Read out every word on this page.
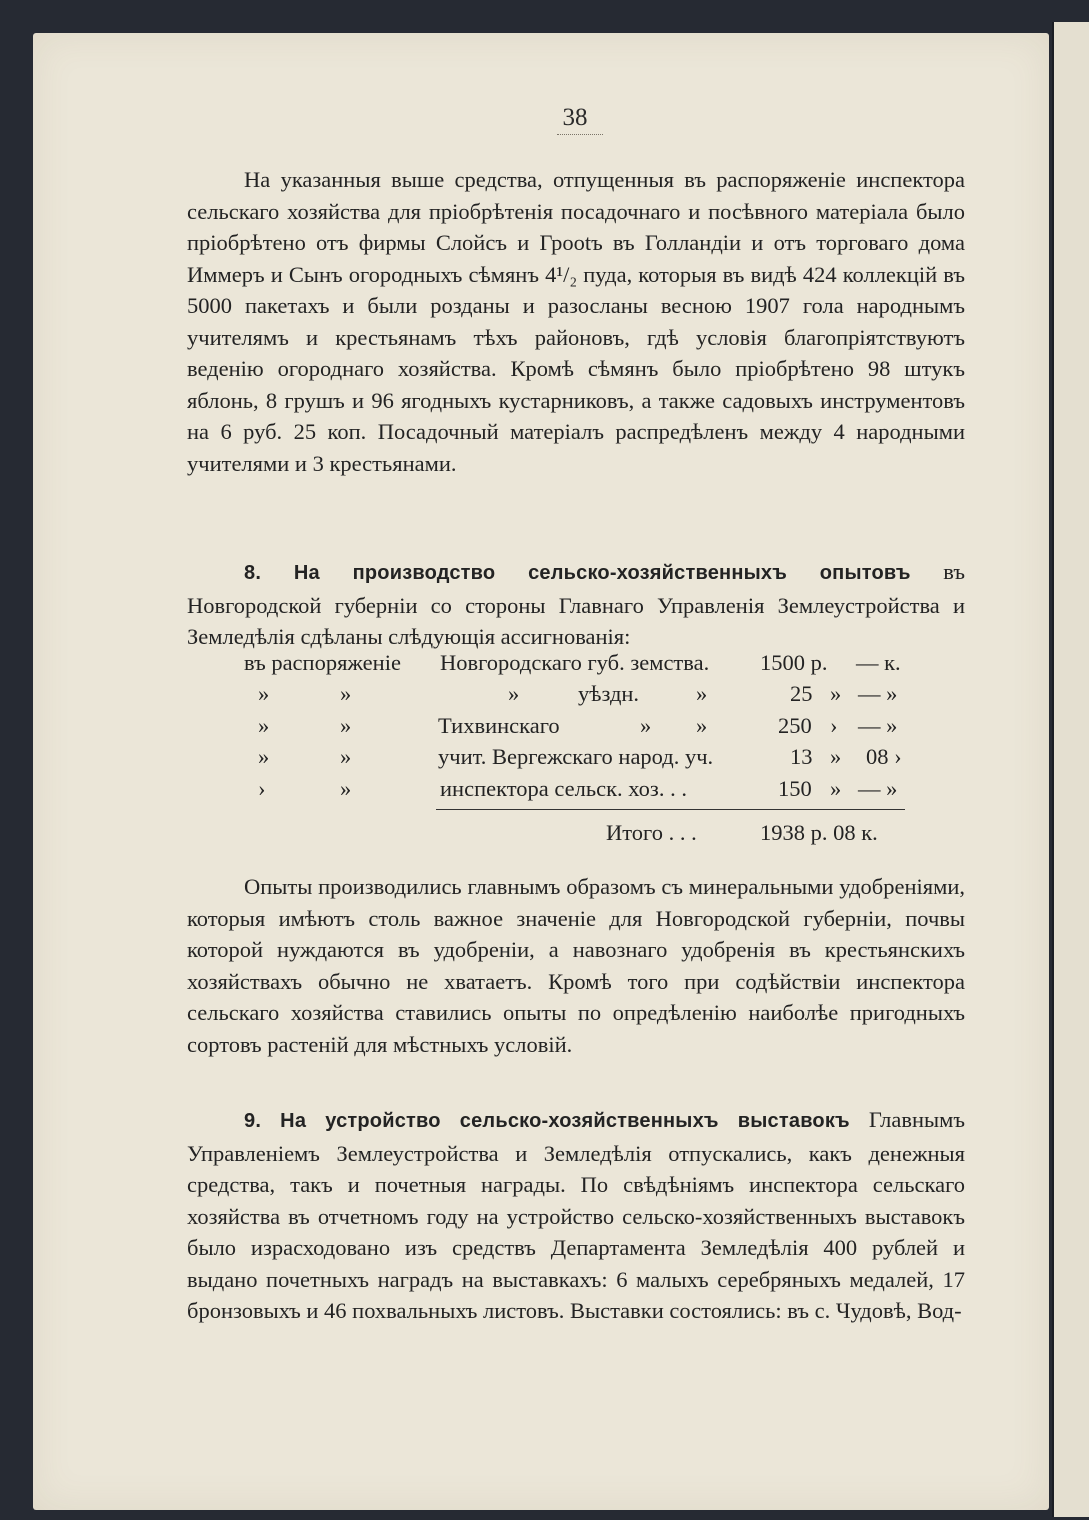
38

На указанныя выше средства, отпущенныя въ распоряженіе инспектора сельскаго хозяйства для пріобрѣтенія посадочнаго и посѣвного матеріала было пріобрѣтено отъ фирмы Слойсъ и Грootъ въ Голландіи и отъ торговаго дома Иммеръ и Сынъ огородныхъ сѣмянъ 4¹/₂ пуда, которыя въ видѣ 424 коллекцій въ 5000 пакетахъ и были розданы и разосланы весною 1907 гола народнымъ учителямъ и крестьянамъ тѣхъ районовъ, гдѣ условія благопріятствуютъ веденію огороднаго хозяйства. Кромѣ сѣмянъ было пріобрѣтено 98 штукъ яблонь, 8 грушъ и 96 ягодныхъ кустарниковъ, а также садовыхъ инструментовъ на 6 руб. 25 коп. Посадочный матеріалъ распредѣленъ между 4 народными учителями и 3 крестьянами.

8. На производство сельско-хозяйственныхъ опытовъ въ Новгородской губерніи со стороны Главнаго Управленія Землеустройства и Земледѣлія сдѣланы слѣдующія ассигнованія:

въ распоряженіе Новгородскаго губ. земства. 1500 р. — к.
»	»	»	уѣздн.	»	25 » — »
»	»	Тихвинскаго	» »	250 › — »
»	»	учит. Вергежскаго народ. уч.	13 » 08 ›
›	»	инспектора сельск. хоз. . .	150 » — »
Итого . . .	1938 р. 08 к.

Опыты производились главнымъ образомъ съ минеральными удобреніями, которыя имѣютъ столь важное значеніе для Новгородской губерніи, почвы которой нуждаются въ удобреніи, а навознаго удобренія въ крестьянскихъ хозяйствахъ обычно не хватаетъ. Кромѣ того при содѣйствіи инспектора сельскаго хозяйства ставились опыты по опредѣленію наиболѣе пригодныхъ сортовъ растеній для мѣстныхъ условій.

9. На устройство сельско-хозяйственныхъ выставокъ Главнымъ Управленіемъ Землеустройства и Земледѣлія отпускались, какъ денежныя средства, такъ и почетныя награды. По свѣдѣніямъ инспектора сельскаго хозяйства въ отчетномъ году на устройство сельско-хозяйственныхъ выставокъ было израсходовано изъ средствъ Департамента Земледѣлія 400 рублей и выдано почетныхъ наградъ на выставкахъ: 6 малыхъ серебряныхъ медалей, 17 бронзовыхъ и 46 похвальныхъ листовъ. Выставки состоялись: въ с. Чудовѣ, Вод-
